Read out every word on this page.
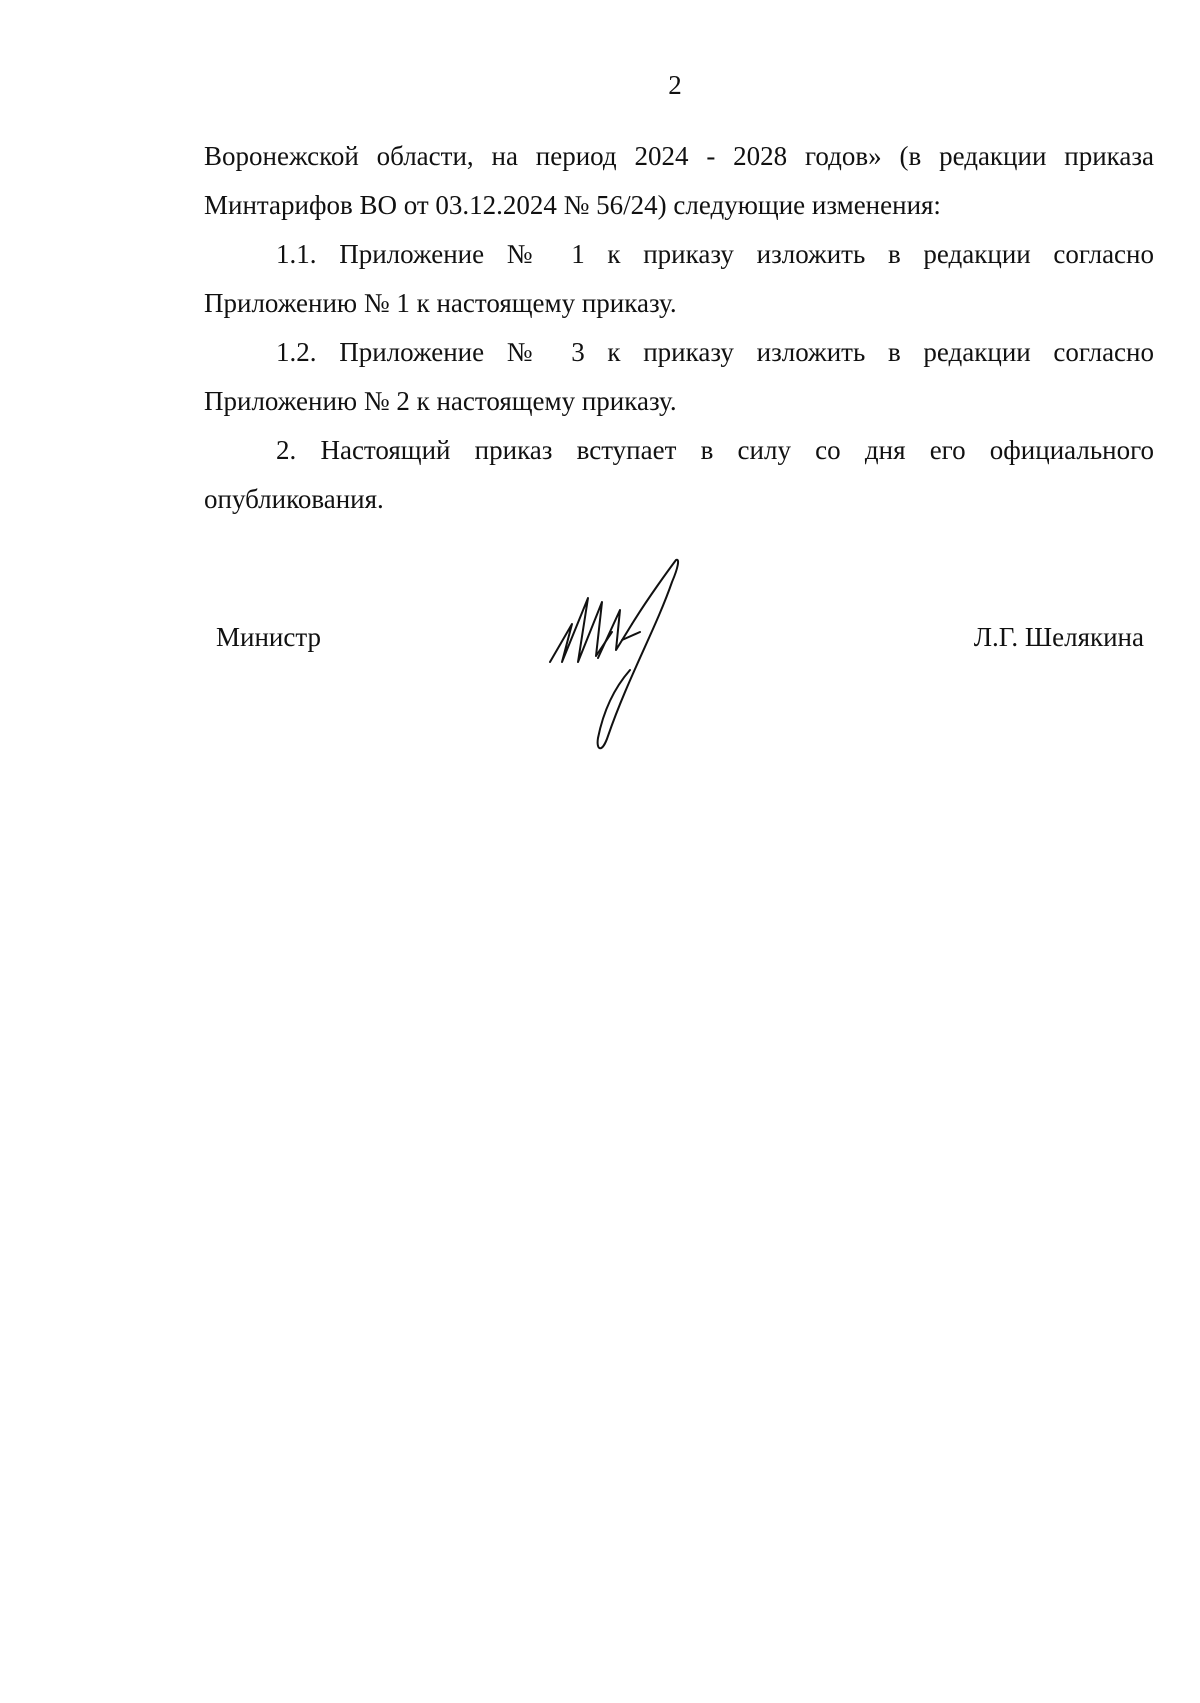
2

Воронежской области, на период 2024 - 2028 годов» (в редакции приказа Минтарифов ВО от 03.12.2024 № 56/24) следующие изменения:

1.1. Приложение № 1 к приказу изложить в редакции согласно Приложению № 1 к настоящему приказу.

1.2. Приложение № 3 к приказу изложить в редакции согласно Приложению № 2 к настоящему приказу.

2. Настоящий приказ вступает в силу со дня его официального опубликования.

Министр	Л.Г. Шелякина
